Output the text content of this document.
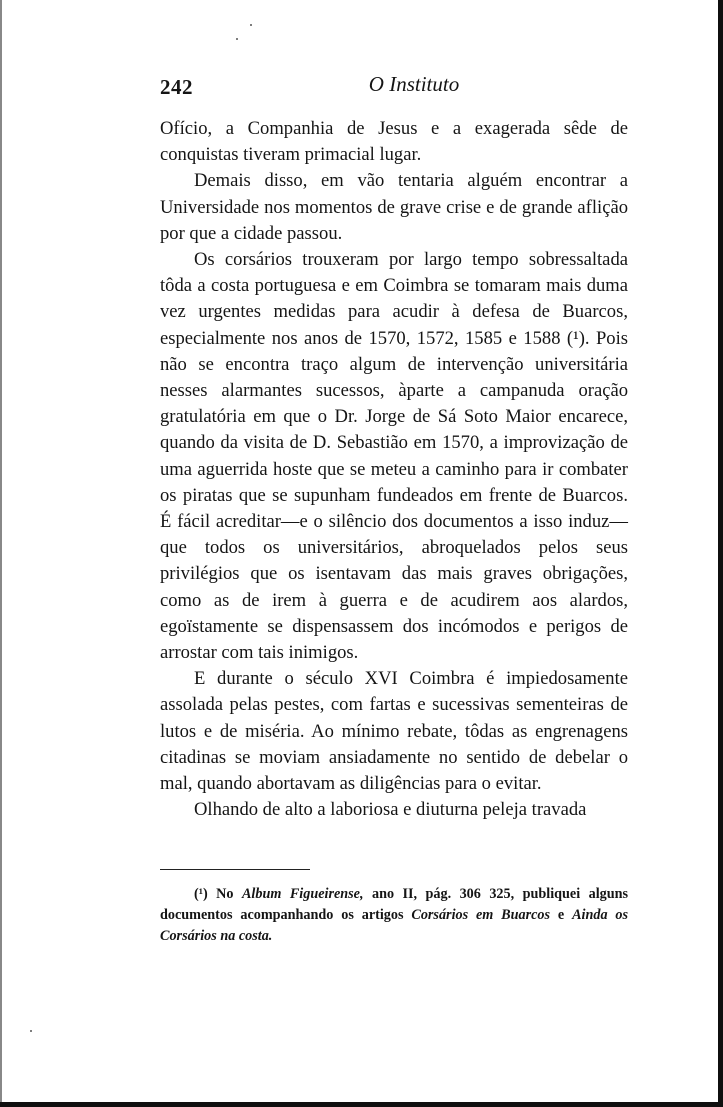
242	O Instituto

Ofício, a Companhia de Jesus e a exagerada sêde de conquistas tiveram primacial lugar.

Demais disso, em vão tentaria alguém encontrar a Universidade nos momentos de grave crise e de grande aflição por que a cidade passou.

Os corsários trouxeram por largo tempo sobressaltada tôda a costa portuguesa e em Coimbra se tomaram mais duma vez urgentes medidas para acudir à defesa de Buarcos, especialmente nos anos de 1570, 1572, 1585 e 1588 (¹). Pois não se encontra traço algum de intervenção universitária nesses alarmantes sucessos, àparte a campanuda oração gratulatória em que o Dr. Jorge de Sá Soto Maior encarece, quando da visita de D. Sebastião em 1570, a improvização de uma aguerrida hoste que se meteu a caminho para ir combater os piratas que se supunham fundeados em frente de Buarcos. É fácil acreditar—e o silêncio dos documentos a isso induz—que todos os universitários, abroquelados pelos seus privilégios que os isentavam das mais graves obrigações, como as de irem à guerra e de acudirem aos alardos, egoïstamente se dispensassem dos incómodos e perigos de arrostar com tais inimigos.

E durante o século XVI Coimbra é impiedosamente assolada pelas pestes, com fartas e sucessivas sementeiras de lutos e de miséria. Ao mínimo rebate, tôdas as engrenagens citadinas se moviam ansiadamente no sentido de debelar o mal, quando abortavam as diligências para o evitar.

Olhando de alto a laboriosa e diuturna peleja travada

(¹) No Album Figueirense, ano II, pág. 306 325, publiquei alguns documentos acompanhando os artigos Corsários em Buarcos e Ainda os Corsários na costa.
